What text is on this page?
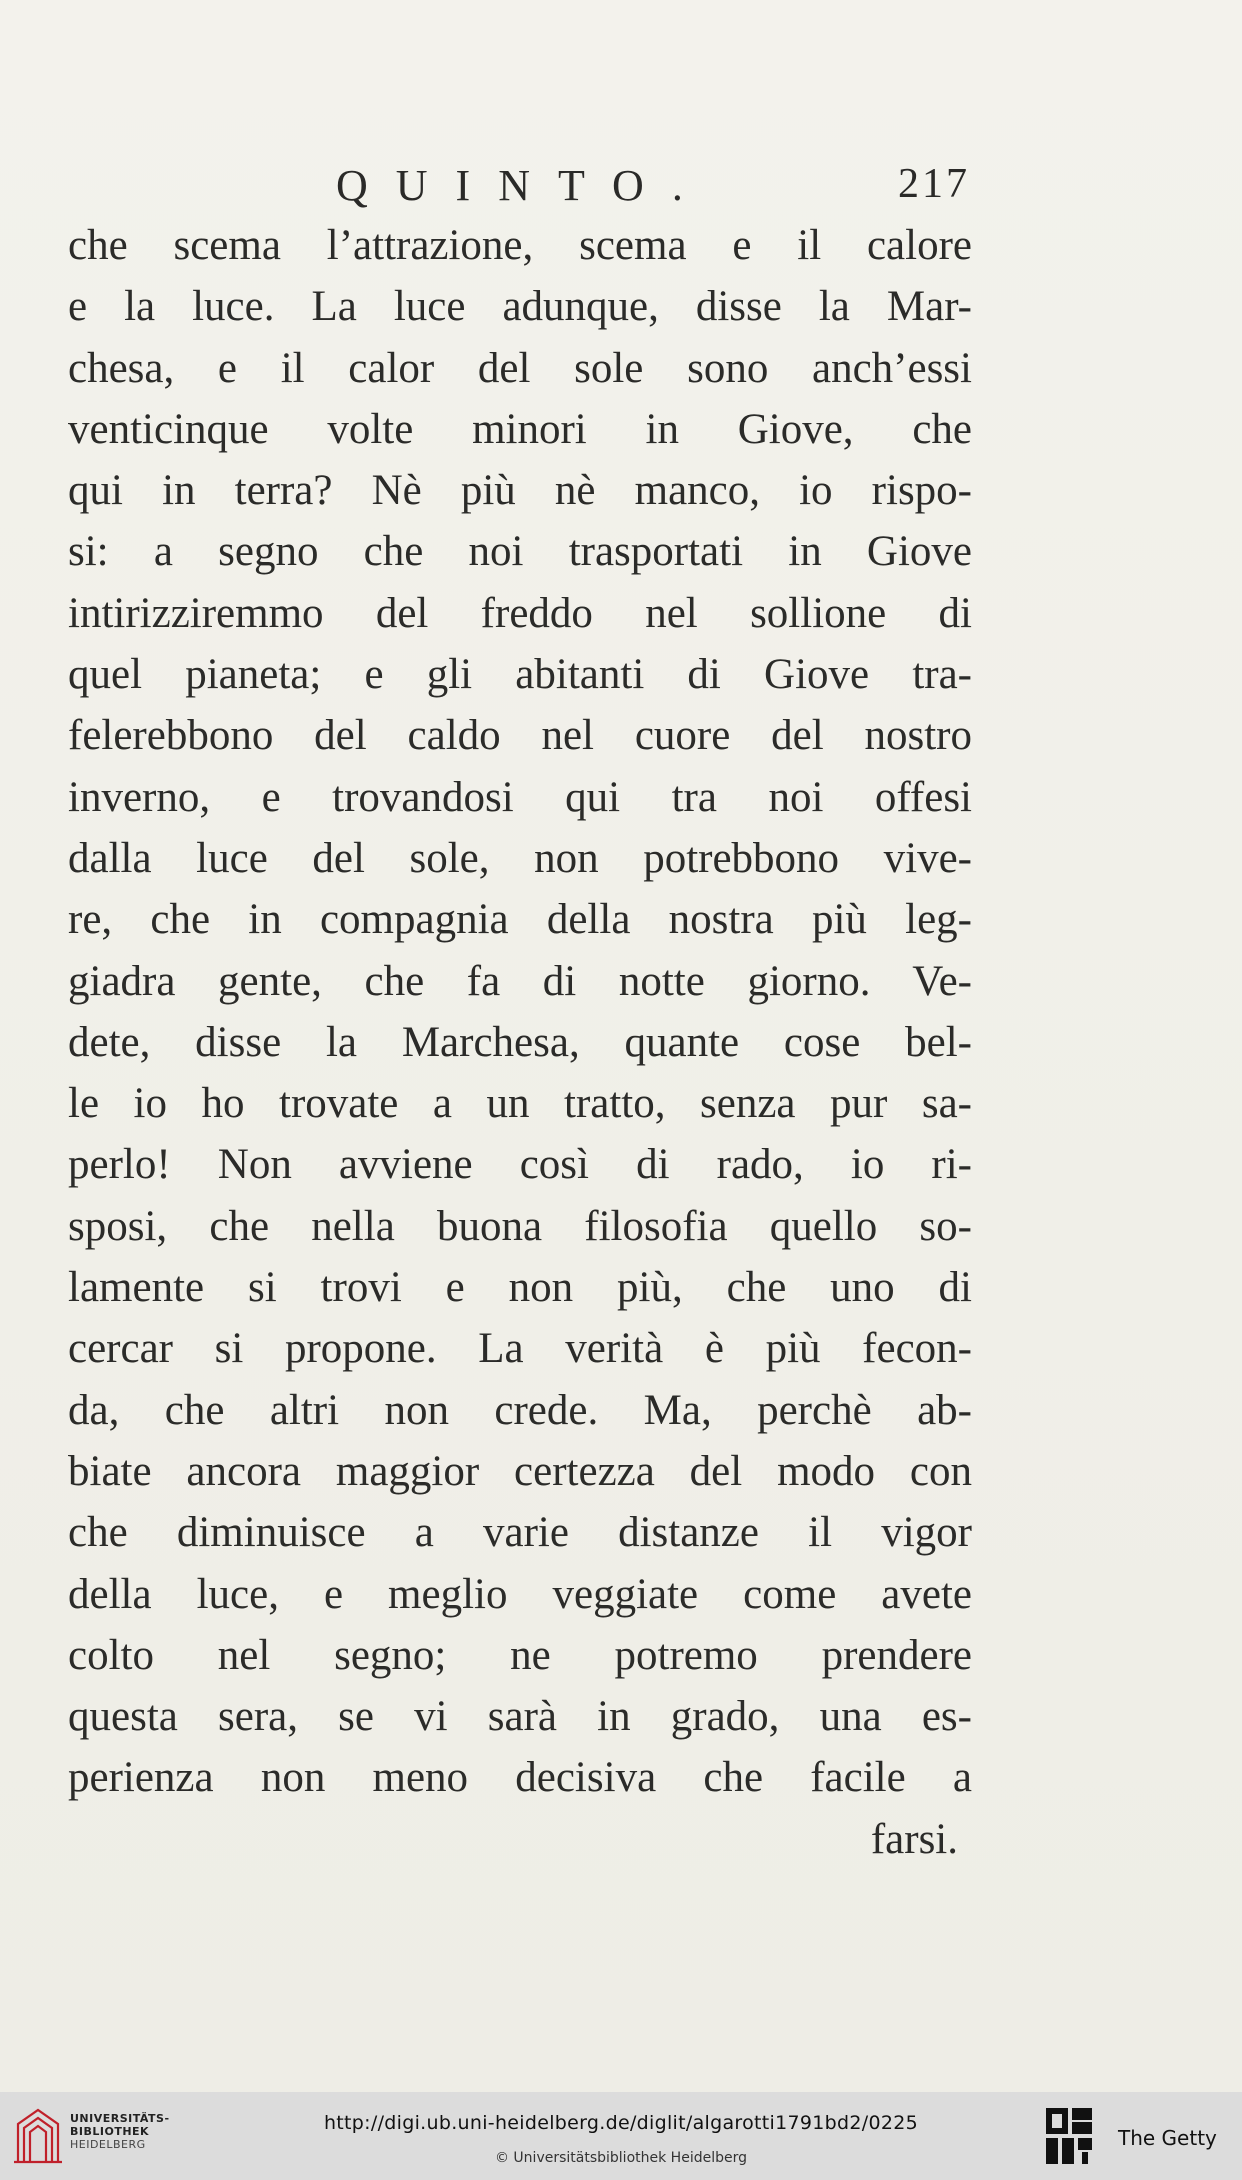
QUINTO.	217
che scema l’attrazione, scema e il calore
e la luce. La luce adunque, disse la Mar-
chesa, e il calor del sole sono anch’essi
venticinque volte minori in Giove, che
qui in terra? Nè più nè manco, io rispo-
si: a segno che noi trasportati in Giove
intirizziremmo del freddo nel sollione di
quel pianeta; e gli abitanti di Giove tra-
felerebbono del caldo nel cuore del nostro
inverno, e trovandosi qui tra noi offesi
dalla luce del sole, non potrebbono vive-
re, che in compagnia della nostra più leg-
giadra gente, che fa di notte giorno. Ve-
dete, disse la Marchesa, quante cose bel-
le io ho trovate a un tratto, senza pur sa-
perlo! Non avviene così di rado, io ri-
sposi, che nella buona filosofia quello so-
lamente si trovi e non più, che uno di
cercar si propone. La verità è più fecon-
da, che altri non crede. Ma, perchè ab-
biate ancora maggior certezza del modo con
che diminuisce a varie distanze il vigor
della luce, e meglio veggiate come avete
colto nel segno; ne potremo prendere
questa sera, se vi sarà in grado, una es-
perienza non meno decisiva che facile a
farsi.
UNIVERSITÄTS-
BIBLIOTHEK
HEIDELBERG
http://digi.ub.uni-heidelberg.de/diglit/algarotti1791bd2/0225
© Universitätsbibliothek Heidelberg
The Getty
